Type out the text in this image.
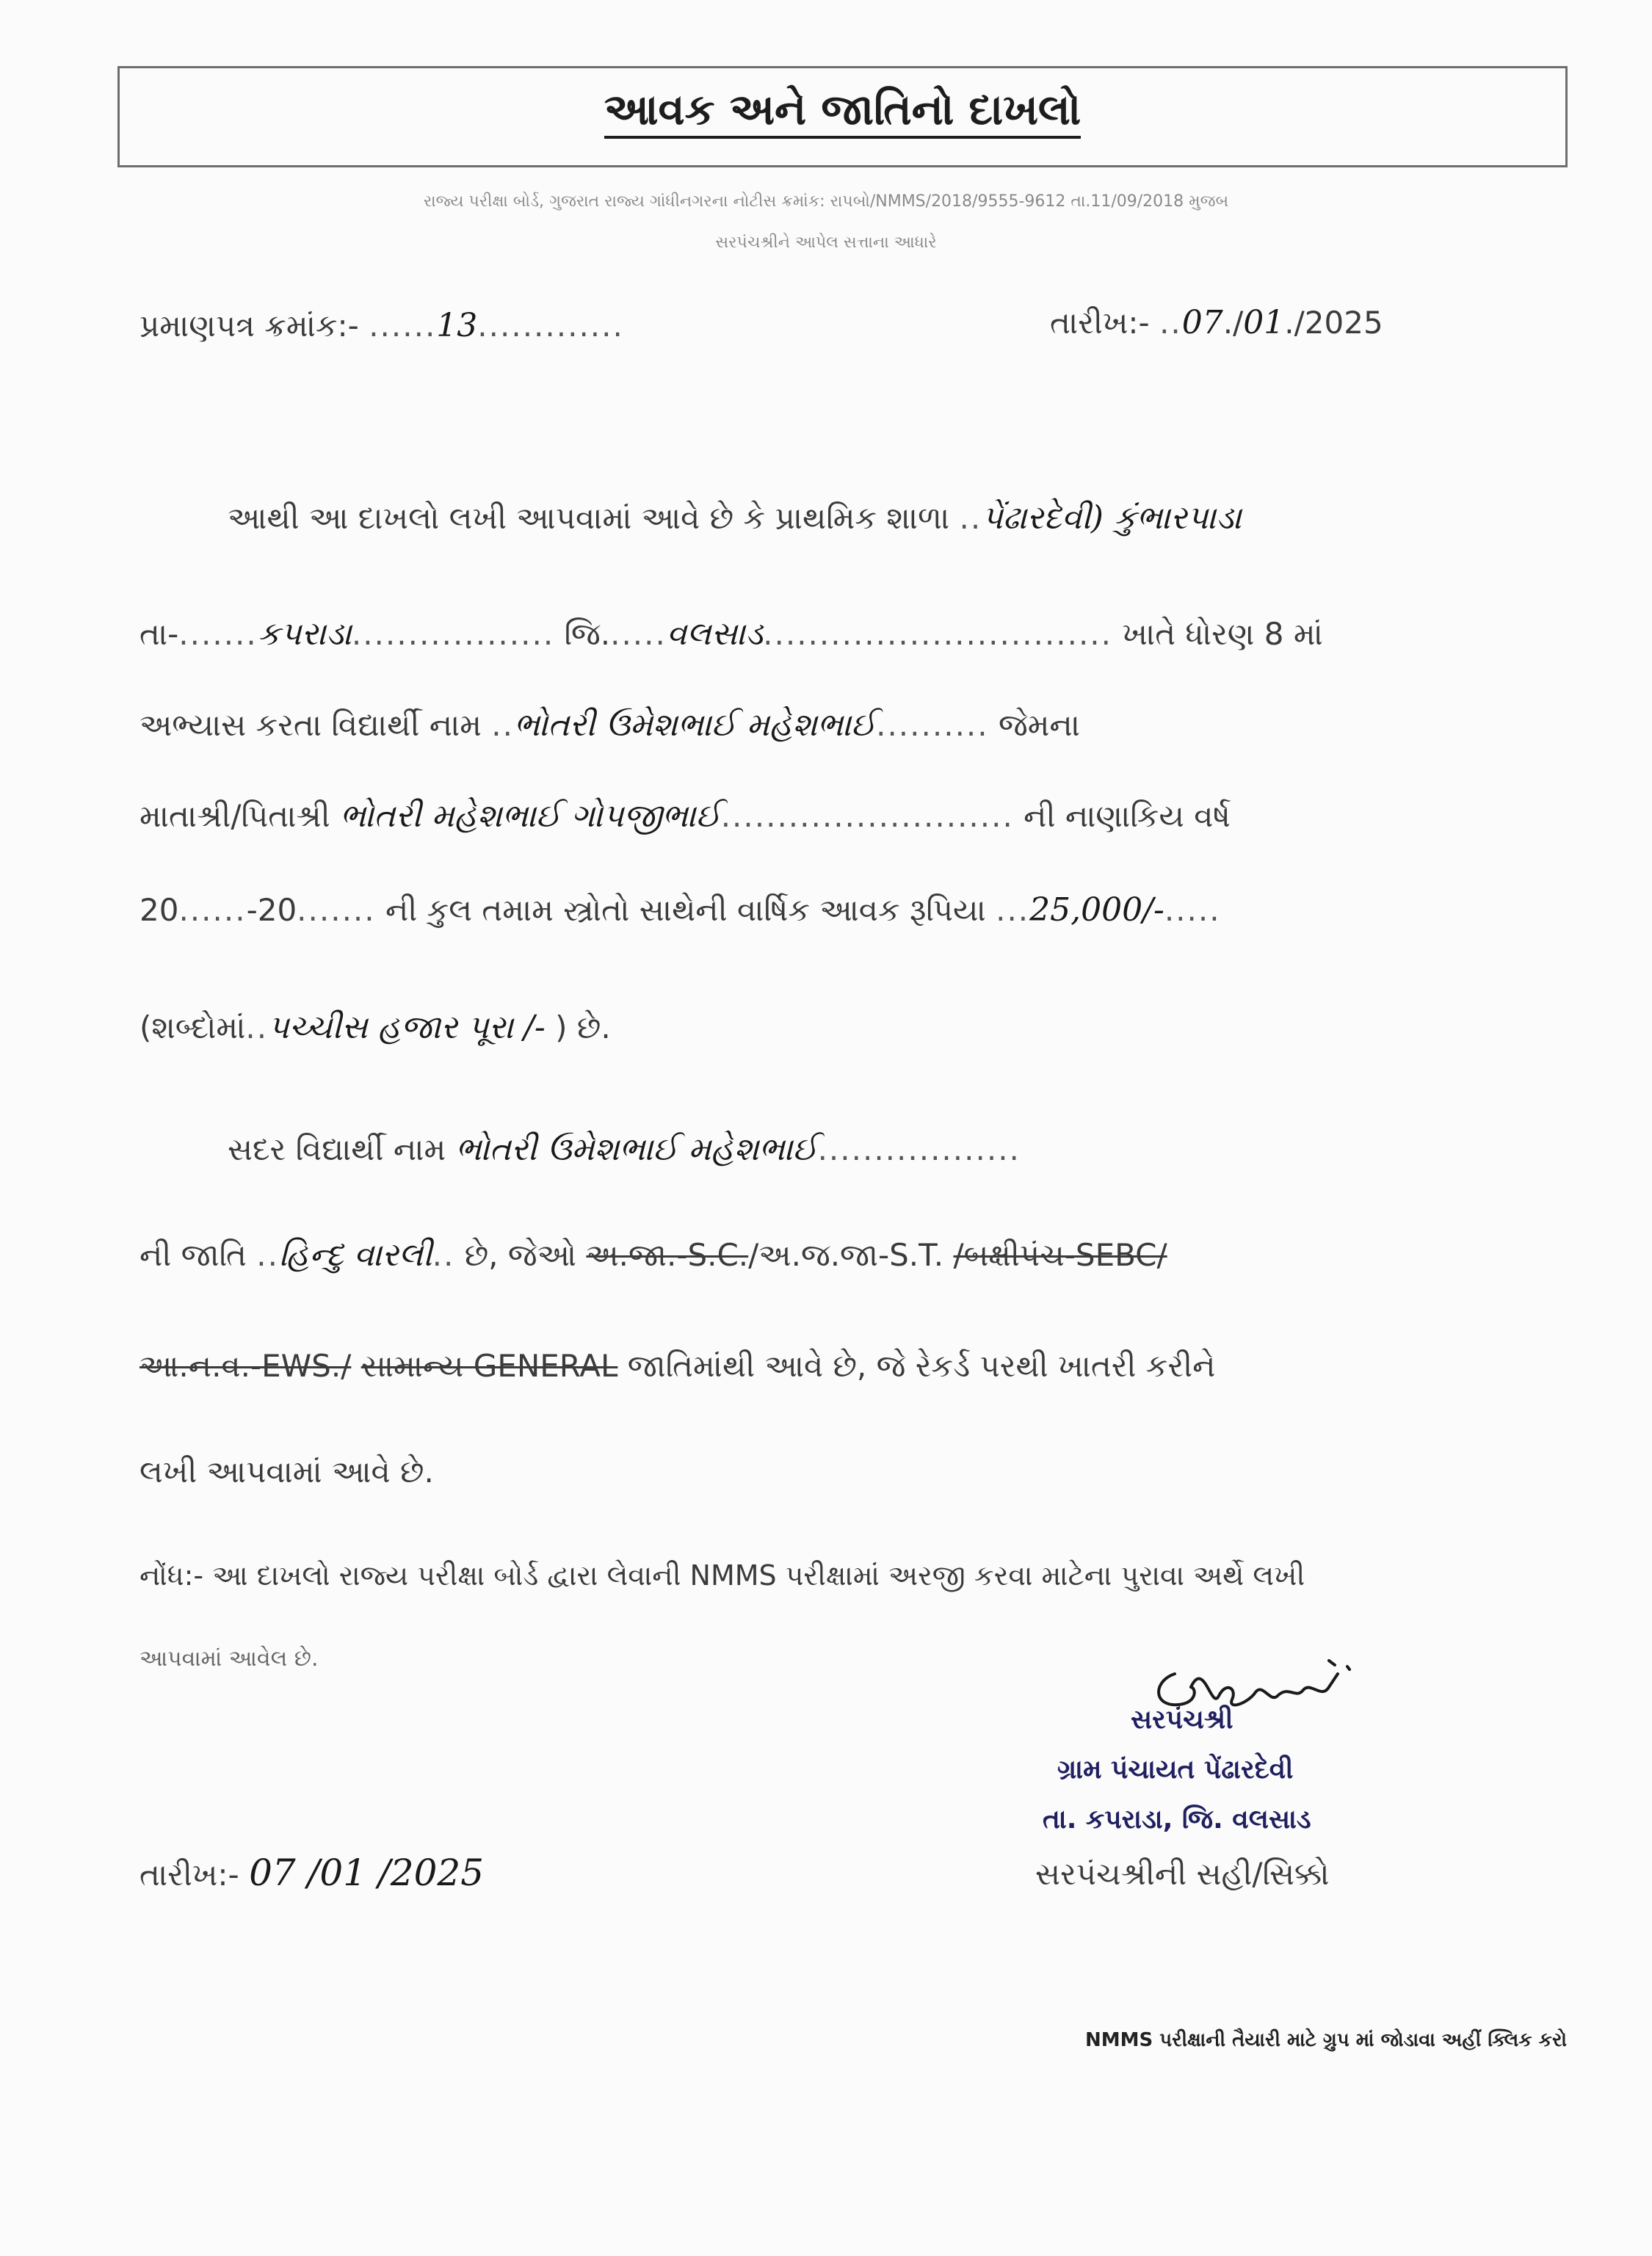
આવક અને જાતિનો દાખલો
રાજ્ય પરીક્ષા બોર્ડ, ગુજરાત રાજ્ય ગાંધીનગરના નોટીસ ક્રમાંક: રાપબો/NMMS/2018/9555-9612 તા.11/09/2018 મુજબ
સરપંચશ્રીને આપેલ સત્તાના આધારે
પ્રમાણપત્ર ક્રમાંક:- ......13.............	તારીખ:- ..07./01./2025
આથી આ દાખલો લખી આપવામાં આવે છે કે પ્રાથમિક શાળા ..પેંઢારદેવી) કુંભારપાડા
તા-.......કપરાડા.................. જિ......વલસાડ............................... ખાતે ધોરણ 8 માં
અભ્યાસ કરતા વિદ્યાર્થી નામ ..ભોતરી ઉમેશભાઈ મહેશભાઈ.......... જેમના
માતાશ્રી/પિતાશ્રી ભોતરી મહેશભાઈ ગોપજીભાઈ.......................... ની નાણાકિય વર્ષ
20......-20....... ની કુલ તમામ સ્ત્રોતો સાથેની વાર્ષિક આવક રૂપિયા ...25,000/-.....
(શબ્દોમાં..પચ્ચીસ હજાર પૂરા /- ) છે.
સદર વિદ્યાર્થી નામ ભોતરી ઉમેશભાઈ મહેશભાઈ..................
ની જાતિ ..હિન્દુ વારલી.. છે, જેઓ અ.જા.-S.C./અ.જ.જા-S.T. /બક્ષીપંચ-SEBC/
આ.ન.વ.-EWS./ સામાન્ય GENERAL જાતિમાંથી આવે છે, જે રેકર્ડ પરથી ખાતરી કરીને
લખી આપવામાં આવે છે.
નોંધ:- આ દાખલો રાજ્ય પરીક્ષા બોર્ડ દ્વારા લેવાની NMMS પરીક્ષામાં અરજી કરવા માટેના પુરાવા અર્થે લખી
આપવામાં આવેલ છે.
સરપંચશ્રી
ગ્રામ પંચાયત પેંઢારદેવી
તા. કપરાડા, જિ. વલસાડ
તારીખ:- 07 /01 /2025	સરપંચશ્રીની સહી/સિક્કો
NMMS પરીક્ષાની તૈયારી માટે ગ્રુપ માં જોડાવા અહીં ક્લિક કરો
